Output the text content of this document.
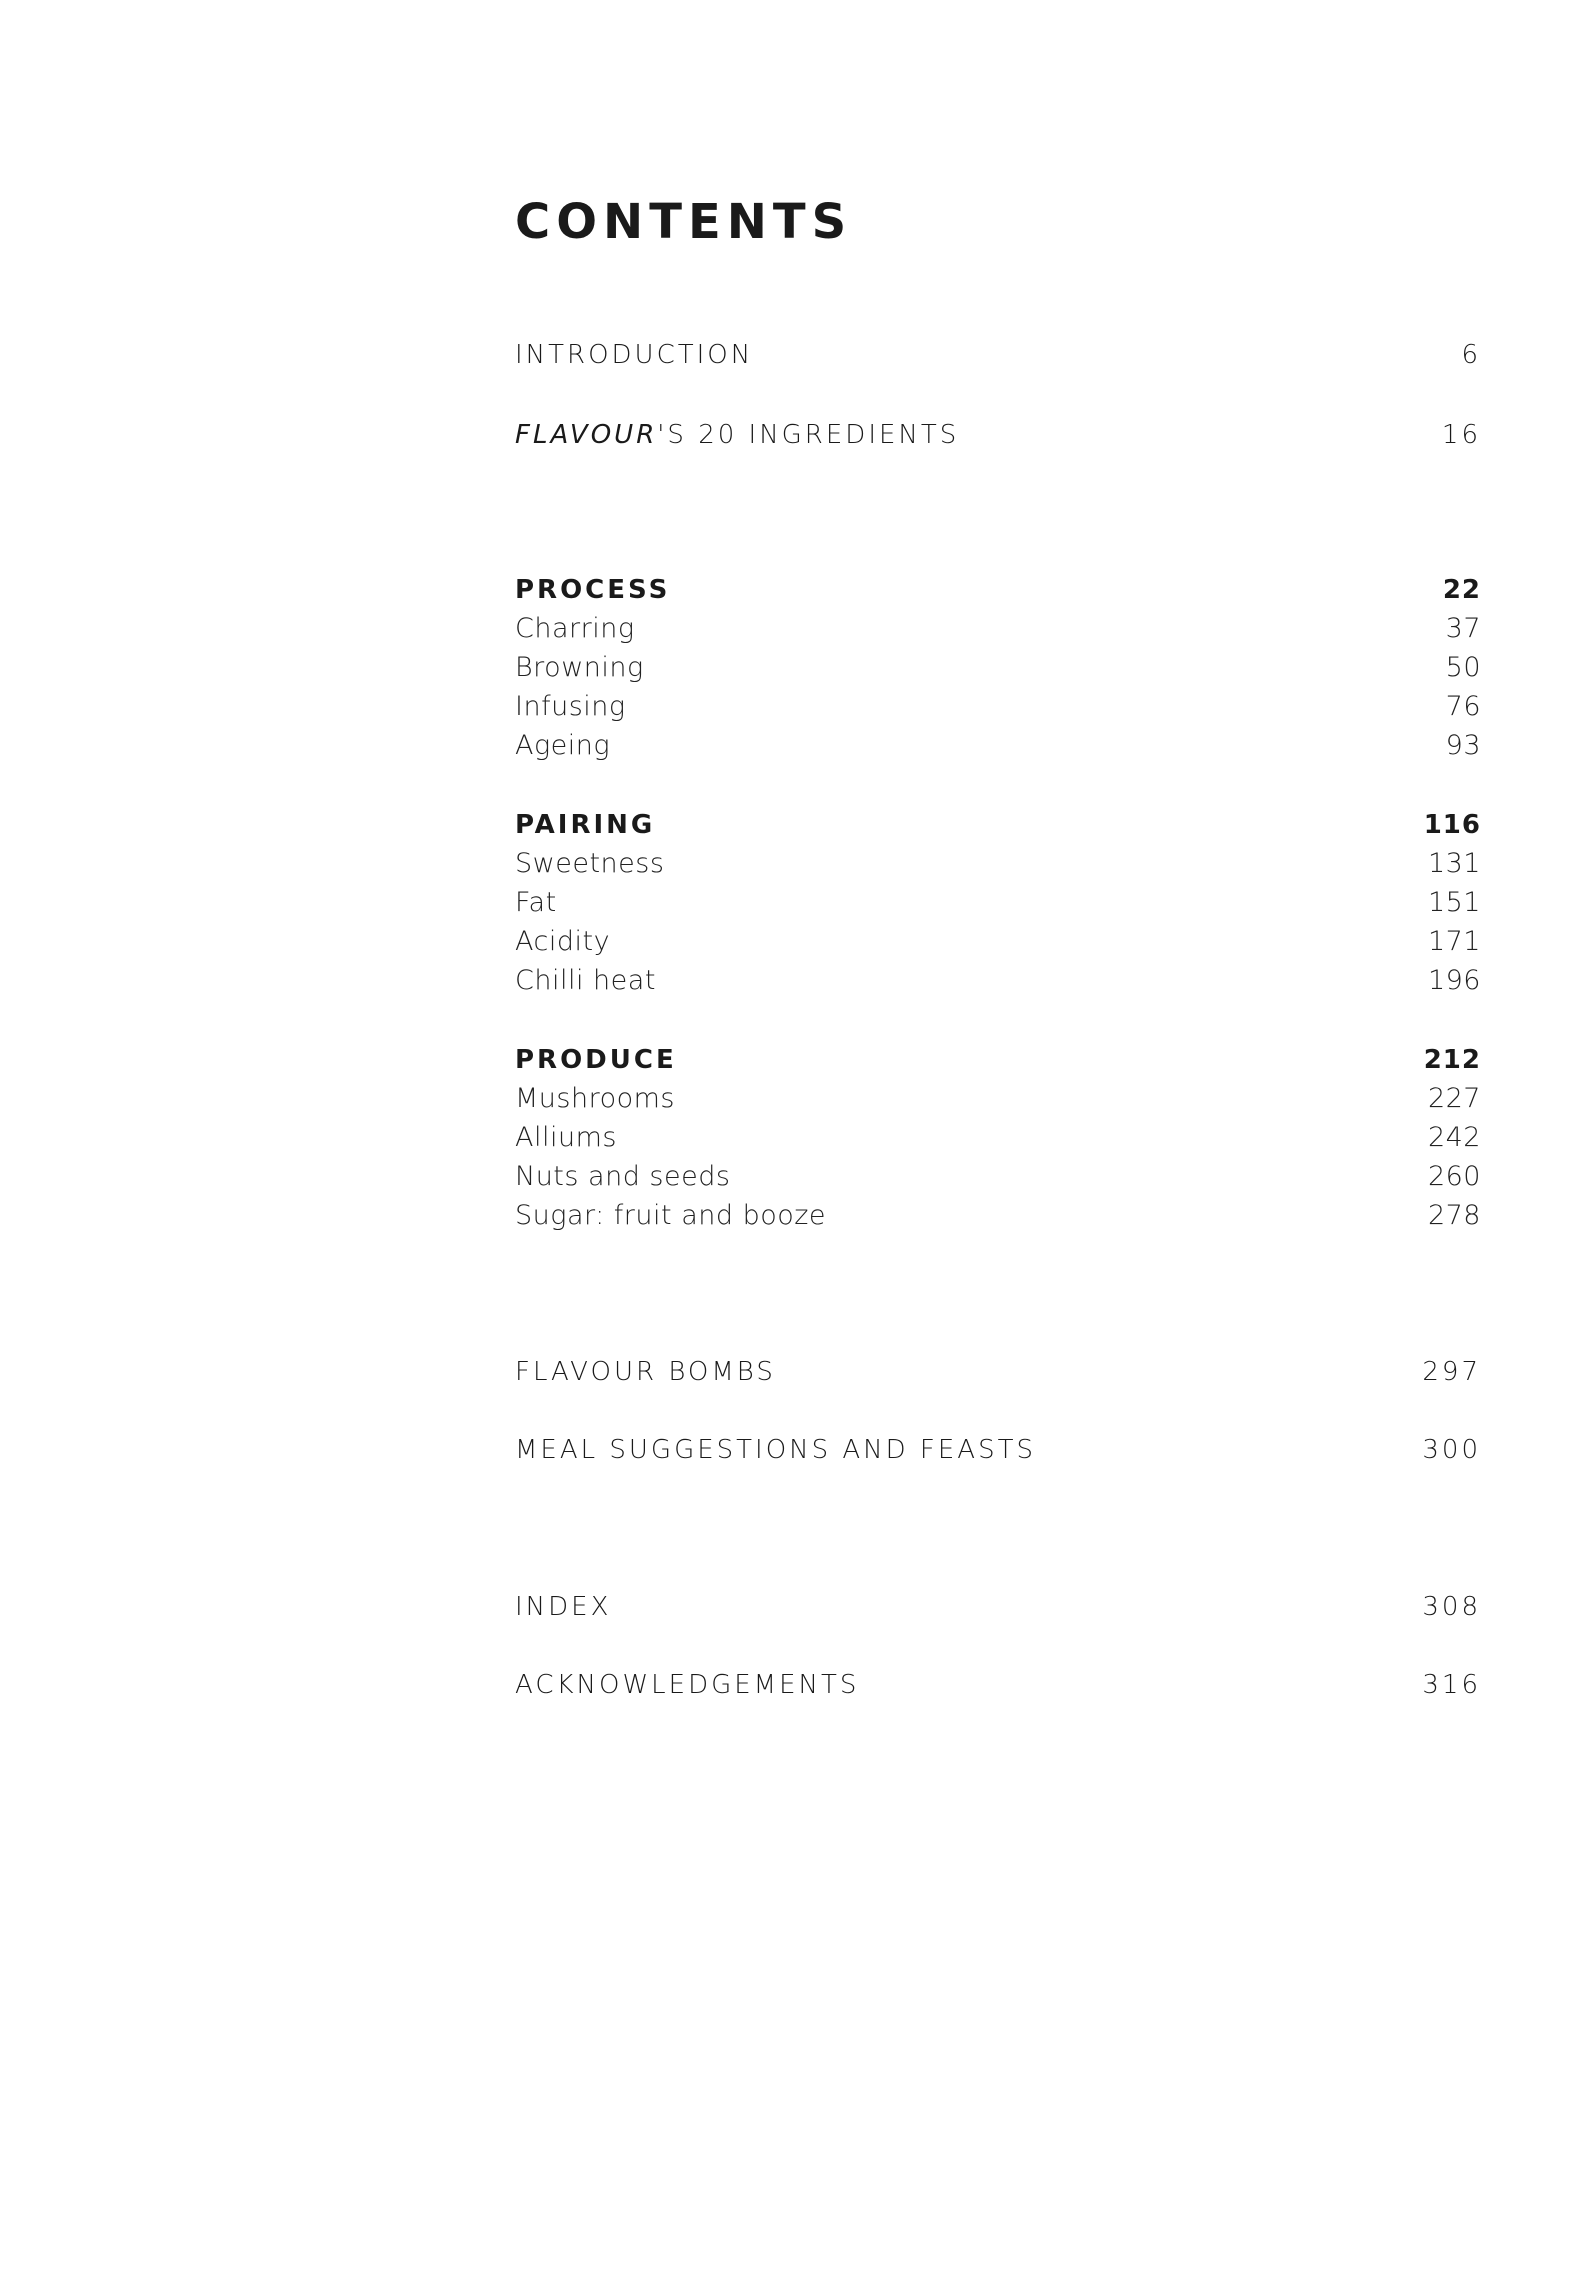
CONTENTS
INTRODUCTION	6
FLAVOUR'S 20 INGREDIENTS	16
PROCESS	22
Charring	37
Browning	50
Infusing	76
Ageing	93
PAIRING	116
Sweetness	131
Fat	151
Acidity	171
Chilli heat	196
PRODUCE	212
Mushrooms	227
Alliums	242
Nuts and seeds	260
Sugar: fruit and booze	278
FLAVOUR BOMBS	297
MEAL SUGGESTIONS AND FEASTS	300
INDEX	308
ACKNOWLEDGEMENTS	316
